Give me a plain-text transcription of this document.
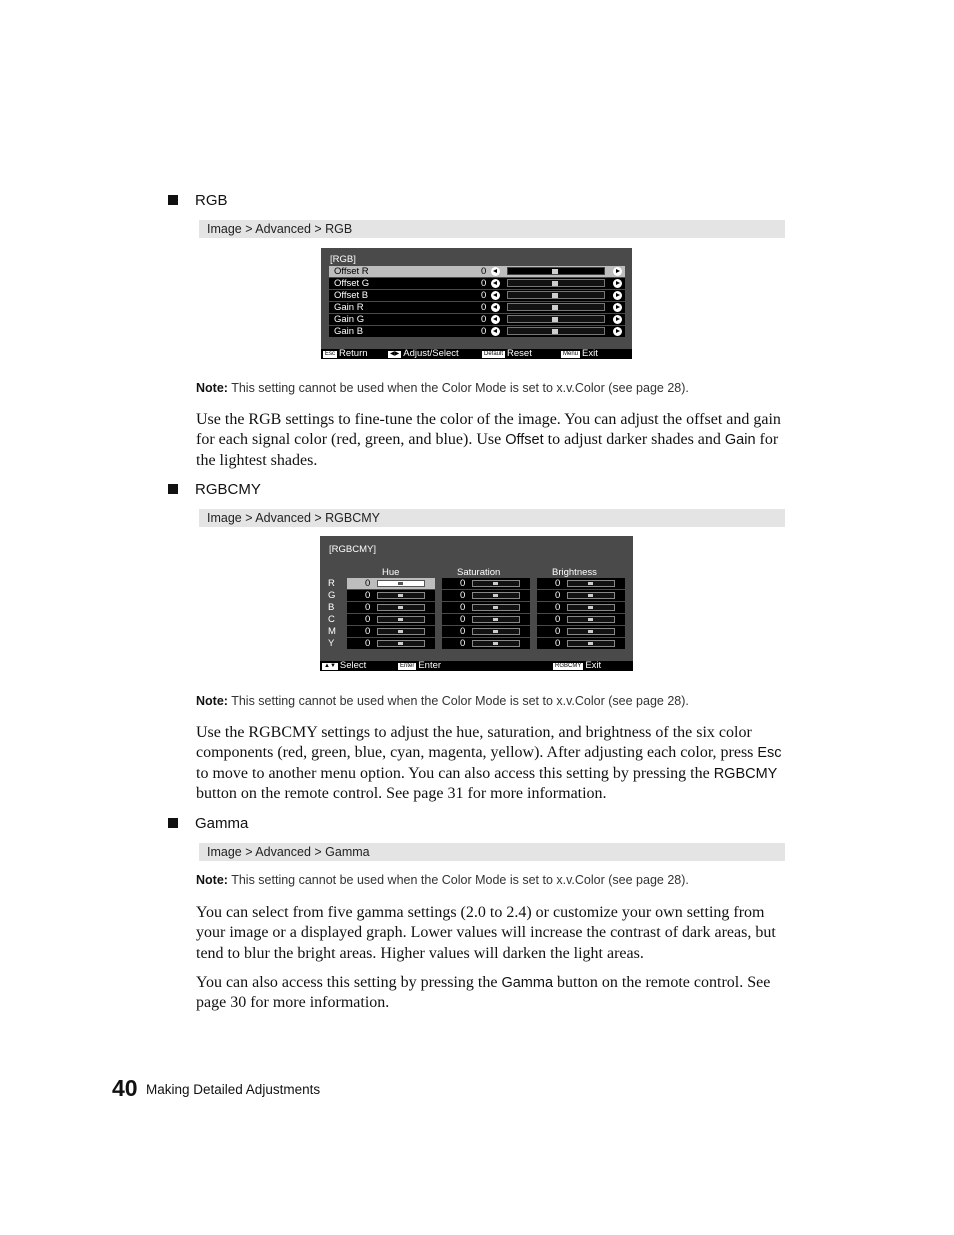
RGB
Image > Advanced > RGB
[RGB]
Offset R	0
Offset G	0
Offset B	0
Gain R	0
Gain G	0
Gain B	0
Esc Return	◀▶ Adjust/Select	Default Reset	Menu Exit
Note: This setting cannot be used when the Color Mode is set to x.v.Color (see page 28).
Use the RGB settings to fine-tune the color of the image. You can adjust the offset and gain for each signal color (red, green, and blue). Use Offset to adjust darker shades and Gain for the lightest shades.
RGBCMY
Image > Advanced > RGBCMY
[RGBCMY]
Hue	Saturation	Brightness
R	0	0	0
G	0	0	0
B	0	0	0
C	0	0	0
M	0	0	0
Y	0	0	0
▲▼ Select	Enter Enter	RGBCMY Exit
Note: This setting cannot be used when the Color Mode is set to x.v.Color (see page 28).
Use the RGBCMY settings to adjust the hue, saturation, and brightness of the six color components (red, green, blue, cyan, magenta, yellow). After adjusting each color, press Esc to move to another menu option. You can also access this setting by pressing the RGBCMY button on the remote control. See page 31 for more information.
Gamma
Image > Advanced > Gamma
Note: This setting cannot be used when the Color Mode is set to x.v.Color (see page 28).
You can select from five gamma settings (2.0 to 2.4) or customize your own setting from your image or a displayed graph. Lower values will increase the contrast of dark areas, but tend to blur the bright areas. Higher values will darken the light areas.
You can also access this setting by pressing the Gamma button on the remote control. See page 30 for more information.
40 Making Detailed Adjustments
